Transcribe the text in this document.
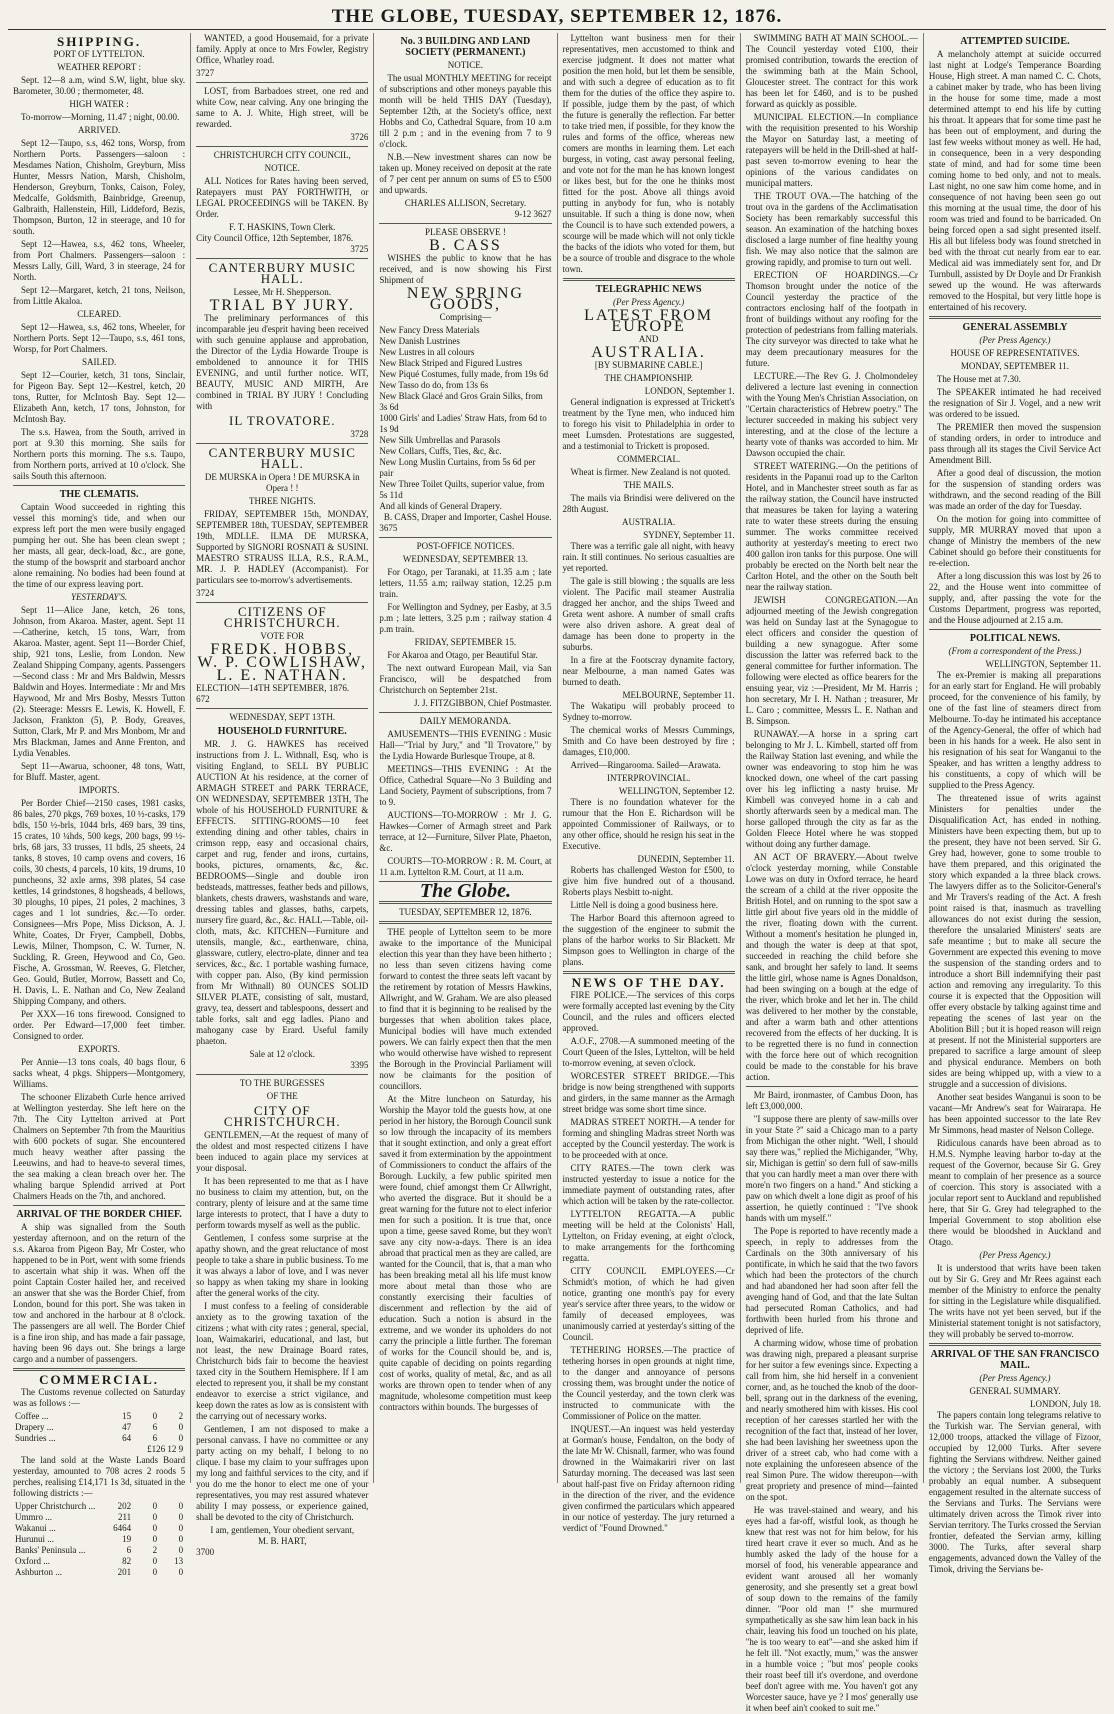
THE GLOBE, TUESDAY, SEPTEMBER 12, 1876.
SHIPPING.
PORT OF LYTTELTON.
WEATHER REPORT :

Sept. 12—8 a.m, wind S.W, light, blue sky. Barometer, 30.00 ; thermometer, 48.

HIGH WATER :

To-morrow—Morning, 11.47 ; night, 00.00.

ARRIVED.

Sept 12—Taupo, s.s, 462 tons, Worsp, from Northern Ports. Passengers—saloon : Mesdames Nation, Chisholm, Greyburn, Miss Hunter, Messrs Nation, Marsh, Chisholm, Henderson, Greyburn, Tonks, Caison, Foley, Medcalfe, Goldsmith, Bainbridge, Greenup, Galbraith, Hallenstein, Hill, Liddeford, Bezis, Thompson, Burton, 12 in steerage, and 10 for south.

Sept 12—Hawea, s.s, 462 tons, Wheeler, from Port Chalmers. Passengers—saloon : Messrs Lally, Gill, Ward, 3 in steerage, 24 for North.

Sept 12—Margaret, ketch, 21 tons, Neilson, from Little Akaloa.

CLEARED.

Sept 12—Hawea, s.s, 462 tons, Wheeler, for Northern Ports. Sept 12—Taupo, s.s, 461 tons, Worsp, for Port Chalmers.

SAILED.

Sept 12—Courier, ketch, 31 tons, Sinclair, for Pigeon Bay. Sept 12—Kestrel, ketch, 20 tons, Rutter, for McIntosh Bay. Sept 12—Elizabeth Ann, ketch, 17 tons, Johnston, for McIntosh Bay.

The s.s. Hawea, from the South, arrived in port at 9.30 this morning. She sails for Northern ports this morning. The s.s. Taupo, from Northern ports, arrived at 10 o'clock. She sails South this afternoon.

THE CLEMATIS.

Captain Wood succeeded in righting this vessel this morning's tide, and when our express left port the men were busily engaged pumping her out. She has been clean swept ; her masts, all gear, deck-load, &c., are gone, the stump of the bowsprit and starboard anchor alone remaining. No bodies had been found at the time of our express leaving port.

YESTERDAY'S.

Sept 11—Alice Jane, ketch, 26 tons, Johnson, from Akaroa. Master, agent. Sept 11—Catherine, ketch, 15 tons, Warr, from Akaroa. Master, agent. Sept 11—Border Chief, ship, 921 tons, Leslie, from London. New Zealand Shipping Company, agents. Passengers—Second class : Mr and Mrs Baldwin, Messrs Baldwin and Hoyes. Intermediate : Mr and Mrs Haywood, Mr and Mrs Bosby, Messrs Tutton (2). Steerage: Messrs E. Lewis, K. Howell, F. Jackson, Frankton (5), P. Body, Greaves, Sutton, Clark, Mr P. and Mrs Monbom, Mr and Mrs Blackman, James and Anne Frenton, and Lydia Venables.

Sept 11—Awarua, schooner, 48 tons, Watt, for Bluff. Master, agent.

IMPORTS.

Per Border Chief—2150 cases, 1981 casks, 86 bales, 270 pkgs, 769 boxes, 10 ½-casks, 179 bdls, 150 ½-brls, 1044 brls, 469 bars, 39 tins, 15 crates, 10 ¼hds, 500 kegs, 200 bags, 99 ½-brls, 68 jars, 33 trusses, 11 bdls, 25 sheets, 24 tanks, 8 stoves, 10 camp ovens and covers, 16 coils, 30 chests, 4 parcels, 10 kits, 19 drums, 10 puncheons, 32 axle arms, 398 plates, 54 case kettles, 14 grindstones, 8 hogsheads, 4 bellows, 30 ploughs, 10 pipes, 21 poles, 2 machines, 3 cages and 1 lot sundries, &c.—To order. Consignees—Mrs Pope, Miss Dickson, A. J. White, Coates, Dr Fryer, Campbell, Dobbs, Lewis, Milner, Thompson, C. W. Turner, N. Suckling, R. Green, Heywood and Co, Geo. Fische, A. Grossman, W. Reeves, G. Fletcher, Geo. Gould, Butler, Morrow, Bassett and Co, H. Davis, L. E. Nathan and Co, New Zealand Shipping Company, and others.

Per XXX—16 tons firewood. Consigned to order. Per Edward—17,000 feet timber. Consigned to order.

EXPORTS.

Per Annie—13 tons coals, 40 bags flour, 6 sacks wheat, 4 pkgs. Shippers—Montgomery, Williams.

The schooner Elizabeth Curle hence arrived at Wellington yesterday. She left here on the 7th. The City Lyttelton arrived at Port Chalmers on September 7th from the Mauritius with 600 pockets of sugar. She encountered much heavy weather after passing the Leeuwins, and had to heave-to several times, the sea making a clean breach over her. The whaling barque Splendid arrived at Port Chalmers Heads on the 7th, and anchored.

ARRIVAL OF THE BORDER CHIEF.

A ship was signalled from the South yesterday afternoon, and on the return of the s.s. Akaroa from Pigeon Bay, Mr Coster, who happened to be in Port, went with some friends to ascertain what ship it was. When off the point Captain Coster hailed her, and received an answer that she was the Border Chief, from London, bound for this port. She was taken in tow and anchored in the harbour at 8 o'clock. The passengers are all well. The Border Chief is a fine iron ship, and has made a fair passage, having been 96 days out. She brings a large cargo and a number of passengers.

COMMERCIAL.

The Customs revenue collected on Saturday was as follows :—

Coffee ...	15	0	2
Drapery ...	47	6	0
Sundries ...	64	6	0
	£126 12 9		

The land sold at the Waste Lands Board yesterday, amounted to 708 acres 2 roods 5 perches, realising £14,171 1s 3d, situated in the following districts :—

Upper Christchurch ...	202	0	0
Ummro ...	211	0	0
Wakanui ...	6464	0	0
Hurunui ...	19	0	0
Banks' Peninsula ...	6	2	0
Oxford ...	82	0	13
Ashburton ...	201	0	0

WANTED, a good Housemaid, for a private family. Apply at once to Mrs Fowler, Registry Office, Whatley road.

3727

LOST, from Barbadoes street, one red and white Cow, near calving. Any one bringing the same to A. J. White, High street, will be rewarded.

3726
CHRISTCHURCH CITY COUNCIL,
NOTICE.

ALL Notices for Rates having been served, Ratepayers must PAY FORTHWITH, or LEGAL PROCEEDINGS will be TAKEN. By Order.

F. T. HASKINS, Town Clerk.
City Council Office, 12th September, 1876.
3725
CANTERBURY MUSIC HALL.
Lessee, Mr H. Shepperson.
TRIAL BY JURY.

The preliminary performances of this incomparable jeu d'esprit having been received with such genuine applause and approbation, the Director of the Lydia Howarde Troupe is emboldened to announce it for THIS EVENING, and until further notice. WIT, BEAUTY, MUSIC AND MIRTH, Are combined in TRIAL BY JURY ! Concluding with

IL TROVATORE.
3728
CANTERBURY MUSIC HALL.
DE MURSKA in Opera ! DE MURSKA in Opera ! !
THREE NIGHTS.

FRIDAY, SEPTEMBER 15th, MONDAY, SEPTEMBER 18th, TUESDAY, SEPTEMBER 19th, MDLLE. ILMA DE MURSKA, Supported by SIGNORI ROSNATI & SUSINI. MAESTRO STRAUSS ILLA, R.S., R.A.M., MR. J. P. HADLEY (Accompanist). For particulars see to-morrow's advertisements.

3724
CITIZENS OF CHRISTCHURCH.
VOTE FOR
FREDK. HOBBS,
W. P. COWLISHAW,
L. E. NATHAN.
ELECTION—14TH SEPTEMBER, 1876.
672
WEDNESDAY, SEPT 13TH.
HOUSEHOLD FURNITURE.

MR. J. G. HAWKES has received instructions from J. L. Withnall, Esq, who is visiting England, to SELL BY PUBLIC AUCTION At his residence, at the corner of ARMAGH STREET and PARK TERRACE, ON WEDNESDAY, SEPTEMBER 13TH, The whole of his HOUSEHOLD FURNITURE & EFFECTS. SITTING-ROOMS—10 feet extending dining and other tables, chairs in crimson repp, easy and occasional chairs, carpet and rug, fender and irons, curtains, books, pictures, ornaments, &c, &c. BEDROOMS—Single and double iron bedsteads, mattresses, feather beds and pillows, blankets, chests drawers, washstands and ware, dressing tables and glasses, baths, carpets, nursery fire guard, &c., &c. HALL—Table, oil-cloth, mats, &c. KITCHEN—Furniture and utensils, mangle, &c., earthenware, china, glassware, cutlery, electro-plate, dinner and tea services, &c., &c. 1 portable washing furnace, with copper pan. Also, (By kind permission from Mr Withnall) 80 OUNCES SOLID SILVER PLATE, consisting of salt, mustard, gravy, tea, dessert and tablespoons, dessert and table forks, salt and egg ladles. Piano and mahogany case by Erard. Useful family phaeton.

Sale at 12 o'clock.
3395
TO THE BURGESSES
OF THE
CITY OF CHRISTCHURCH.

GENTLEMEN,—At the request of many of the oldest and most respected citizens I have been induced to again place my services at your disposal.

It has been represented to me that as I have no business to claim my attention, but, on the contrary, plenty of leisure and at the same time large interests to protect, that I have a duty to perform towards myself as well as the public.

Gentlemen, I confess some surprise at the apathy shown, and the great reluctance of most people to take a share in public business. To me it was always a labor of love, and I was never so happy as when taking my share in looking after the general works of the city.

I must confess to a feeling of considerable anxiety as to the growing taxation of the citizens ; what with city rates ; general, special, loan, Waimakariri, educational, and last, but not least, the new Drainage Board rates, Christchurch bids fair to become the heaviest taxed city in the Southern Hemisphere. If I am elected to represent you, it shall be my constant endeavor to exercise a strict vigilance, and keep down the rates as low as is consistent with the carrying out of necessary works.

Gentlemen, I am not disposed to make a personal canvass. I have no committee or any party acting on my behalf, I belong to no clique. I base my claim to your suffrages upon my long and faithful services to the city, and if you do me the honor to elect me one of your representatives, you may rest assured whatever ability I may possess, or experience gained, shall be devoted to the city of Christchurch.

I am, gentlemen, Your obedient servant,
M. B. HART,
3700
No. 3 BUILDING AND LAND SOCIETY (PERMANENT.)
NOTICE.

The usual MONTHLY MEETING for receipt of subscriptions and other moneys payable this month will be held THIS DAY (Tuesday), September 12th, at the Society's office, next Hobbs and Co, Cathedral Square, from 10 a.m till 2 p.m ; and in the evening from 7 to 9 o'clock.

N.B.—New investment shares can now be taken up. Money received on deposit at the rate of 7 per cent per annum on sums of £5 to £500 and upwards.

CHARLES ALLISON, Secretary.
9-12 3627
PLEASE OBSERVE !
B. CASS

WISHES the public to know that he has received, and is now showing his First Shipment of

NEW SPRING GOODS,
Comprising—
New Fancy Dress Materials
New Danish Lustrines
New Lustres in all colours
New Black Striped and Figured Lustres
New Piqué Costumes, fully made, from 19s 6d
New Tasso do do, from 13s 6s
New Black Glacé and Gros Grain Silks, from 3s 6d
1000 Girls' and Ladies' Straw Hats, from 6d to 1s 9d
New Silk Umbrellas and Parasols
New Collars, Cuffs, Ties, &c, &c.
New Long Muslin Curtains, from 5s 6d per pair
New Three Toilet Quilts, superior value, from 5s 11d
And all kinds of General Drapery.
B. CASS, Draper and Importer, Cashel House.
3675
POST-OFFICE NOTICES.
WEDNESDAY, SEPTEMBER 13.

For Otago, per Taranaki, at 11.35 a.m ; late letters, 11.55 a.m; railway station, 12.25 p.m train.

For Wellington and Sydney, per Easby, at 3.5 p.m ; late letters, 3.25 p.m ; railway station 4 p.m train.

FRIDAY, SEPTEMBER 15.

For Akaroa and Otago, per Beautiful Star.

The next outward European Mail, via San Francisco, will be despatched from Christchurch on September 21st.

J. J. FITZGIBBON, Chief Postmaster.
DAILY MEMORANDA.

AMUSEMENTS—THIS EVENING : Music Hall—"Trial by Jury," and "Il Trovatore," by the Lydia Howarde Burlesque Troupe, at 8.

MEETINGS—THIS EVENING : At the Office, Cathedral Square—No 3 Building and Land Society, Payment of subscriptions, from 7 to 9.

AUCTIONS—TO-MORROW : Mr J. G. Hawkes—Corner of Armagh street and Park terrace, at 12—Furniture, Silver Plate, Phaeton, &c.

COURTS—TO-MORROW : R. M. Court, at 11 a.m. Lyttelton R.M. Court, at 11 a.m.

The Globe.
TUESDAY, SEPTEMBER 12, 1876.

THE people of Lyttelton seem to be more awake to the importance of the Municipal election this year than they have been hitherto ; no less than seven citizens having come forward to contest the three seats left vacant by the retirement by rotation of Messrs Hawkins, Allwright, and W. Graham. We are also pleased to find that it is beginning to be realised by the burgesses that when abolition takes place, Municipal bodies will have much extended powers. We can fairly expect then that the men who would otherwise have wished to represent the Borough in the Provincial Parliament will now be claimants for the position of councillors.

At the Mitre luncheon on Saturday, his Worship the Mayor told the guests how, at one period in her history, the Borough Council sunk so low through the incapacity of its members that it sought extinction, and only a great effort saved it from extermination by the appointment of Commissioners to conduct the affairs of the Borough. Luckily, a few public spirited men were found, chief amongst them Cr Allwright, who averted the disgrace. But it should be a great warning for the future not to elect inferior men for such a position. It is true that, once upon a time, geese saved Rome, but they won't save any city now-a-days. There is an idea abroad that practical men as they are called, are wanted for the Council, that is, that a man who has been breaking metal all his life must know more about metal than those who are constantly exercising their faculties of discernment and reflection by the aid of education. Such a notion is absurd in the extreme, and we wonder its upholders do not carry the principle a little further. The foreman of works for the Council should be, and is, quite capable of deciding on points regarding cost of works, quality of metal, &c, and as all works are thrown open to tender when of any magnitude, wholesome competition must keep contractors within bounds. The burgesses of

Lyttelton want business men for their representatives, men accustomed to think and exercise judgment. It does not matter what position the men hold, but let them be sensible, and with such a degree of education as to fit them for the duties of the office they aspire to. If possible, judge them by the past, of which the future is generally the reflection. Far better to take tried men, if possible, for they know the rules and forms of the office, whereas new comers are months in learning them. Let each burgess, in voting, cast away personal feeling, and vote not for the man he has known longest or likes best, but for the one he thinks most fitted for the post. Above all things avoid putting in anybody for fun, who is notably unsuitable. If such a thing is done now, when the Council is to have such extended powers, a scourge will be made which will not only tickle the backs of the idiots who voted for them, but be a source of trouble and disgrace to the whole town.

TELEGRAPHIC NEWS
(Per Press Agency.)
LATEST FROM EUROPE
AND
AUSTRALIA.
[BY SUBMARINE CABLE.]
THE CHAMPIONSHIP.
LONDON, September 1.

General indignation is expressed at Trickett's treatment by the Tyne men, who induced him to forego his visit to Philadelphia in order to meet Lumsden. Protestations are suggested, and a testimonial to Trickett is proposed.

COMMERCIAL.

Wheat is firmer. New Zealand is not quoted.

THE MAILS.

The mails via Brindisi were delivered on the 28th August.

AUSTRALIA.
SYDNEY, September 11.

There was a terrific gale all night, with heavy rain. It still continues. No serious casualties are yet reported.

The gale is still blowing ; the squalls are less violent. The Pacific mail steamer Australia dragged her anchor, and the ships Tweed and Greta went ashore. A number of small crafts were also driven ashore. A great deal of damage has been done to property in the suburbs.

In a fire at the Footscray dynamite factory, near Melbourne, a man named Gates was burned to death.

MELBOURNE, September 11.

The Wakatipu will probably proceed to Sydney to-morrow.

The chemical works of Messrs Cummings, Smith and Co have been destroyed by fire ; damages, £10,000.

Arrived—Ringarooma. Sailed—Arawata.

INTERPROVINCIAL.
WELLINGTON, September 12.

There is no foundation whatever for the rumour that the Hon E. Richardson will be appointed Commissioner of Railways, or to any other office, should he resign his seat in the Executive.

DUNEDIN, September 11.

Roberts has challenged Weston for £500, to give him five hundred out of a thousand. Roberts plays Nesbitt to-night.

Little Nell is doing a good business here.

The Harbor Board this afternoon agreed to the suggestion of the engineer to submit the plans of the harbor works to Sir Blackett. Mr Simpson goes to Wellington in charge of the plans.

NEWS OF THE DAY.

FIRE POLICE.—The services of this corps were formally accepted last evening by the City Council, and the rules and officers elected approved.

A.O.F., 2708.—A summoned meeting of the Court Queen of the Isles, Lyttelton, will be held to-morrow evening, at seven o'clock.

WORCESTER STREET BRIDGE.—This bridge is now being strengthened with supports and girders, in the same manner as the Armagh street bridge was some short time since.

MADRAS STREET NORTH.—A tender for forming and shingling Madras street North was accepted by the Council yesterday. The work is to be proceeded with at once.

CITY RATES.—The town clerk was instructed yesterday to issue a notice for the immediate payment of outstanding rates, after which action will be taken by the rate-collector.

LYTTELTON REGATTA.—A public meeting will be held at the Colonists' Hall, Lyttelton, on Friday evening, at eight o'clock, to make arrangements for the forthcoming regatta.

CITY COUNCIL EMPLOYEES.—Cr Schmidt's motion, of which he had given notice, granting one month's pay for every year's service after three years, to the widow or family of deceased employees, was unanimously carried at yesterday's sitting of the Council.

TETHERING HORSES.—The practice of tethering horses in open grounds at night time, to the danger and annoyance of persons crossing them, was brought under the notice of the Council yesterday, and the town clerk was instructed to communicate with the Commissioner of Police on the matter.

INQUEST.—An inquest was held yesterday at Gorman's house, Fendalton, on the body of the late Mr W. Chisnall, farmer, who was found drowned in the Waimakariri river on last Saturday morning. The deceased was last seen about half-past five on Friday afternoon riding in the direction of the river, and the evidence given confirmed the particulars which appeared in our notice of yesterday. The jury returned a verdict of "Found Drowned."

SWIMMING BATH AT MAIN SCHOOL.—The Council yesterday voted £100, their promised contribution, towards the erection of the swimming bath at the Main School, Gloucester street. The contract for this work has been let for £460, and is to be pushed forward as quickly as possible.

MUNICIPAL ELECTION.—In compliance with the requisition presented to his Worship the Mayor on Saturday last, a meeting of ratepayers will be held in the Drill-shed at half-past seven to-morrow evening to hear the opinions of the various candidates on municipal matters.

THE TROUT OVA.—The hatching of the trout ova in the gardens of the Acclimatisation Society has been remarkably successful this season. An examination of the hatching boxes disclosed a large number of fine healthy young fish. We may also notice that the salmon are growing rapidly, and promise to turn out well.

ERECTION OF HOARDINGS.—Cr Thomson brought under the notice of the Council yesterday the practice of the contractors enclosing half of the footpath in front of buildings without any roofing for the protection of pedestrians from falling materials. The city surveyor was directed to take what he may deem precautionary measures for the future.

LECTURE.—The Rev G. J. Cholmondeley delivered a lecture last evening in connection with the Young Men's Christian Association, on "Certain characteristics of Hebrew poetry." The lecturer succeeded in making his subject very interesting, and at the close of the lecture a hearty vote of thanks was accorded to him. Mr Dawson occupied the chair.

STREET WATERING.—On the petitions of residents in the Papanui road up to the Carlton Hotel, and in Manchester street south as far as the railway station, the Council have instructed that measures be taken for laying a watering rate to water these streets during the ensuing summer. The works committee received authority at yesterday's meeting to erect two 400 gallon iron tanks for this purpose. One will probably be erected on the North belt near the Carlton Hotel, and the other on the South belt near the railway station.

JEWISH CONGREGATION.—An adjourned meeting of the Jewish congregation was held on Sunday last at the Synagogue to elect officers and consider the question of building a new synagogue. After some discussion the latter was referred back to the general committee for further information. The following were elected as office bearers for the ensuing year, viz :—President, Mr M. Harris ; hon secretary, Mr I. H. Nathan ; treasurer, Mr L. Caro ; committee, Messrs L. E. Nathan and B. Simpson.

RUNAWAY.—A horse in a spring cart belonging to Mr J. L. Kimbell, started off from the Railway Station last evening, and while the owner was endeavoring to stop him he was knocked down, one wheel of the cart passing over his leg inflicting a nasty bruise. Mr Kimbell was conveyed home in a cab and shortly afterwards seen by a medical man. The horse galloped through the city as far as the Golden Fleece Hotel where he was stopped without doing any further damage.

AN ACT OF BRAVERY.—About twelve o'clock yesterday morning, while Constable Lowe was on duty in Oxford terrace, he heard the scream of a child at the river opposite the British Hotel, and on running to the spot saw a little girl about five years old in the middle of the river, floating down with the current. Without a moment's hesitation he plunged in, and though the water is deep at that spot, succeeded in reaching the child before she sank, and brought her safely to land. It seems the little girl, whose name is Agnes Donaldson, had been swinging on a bough at the edge of the river, which broke and let her in. The child was delivered to her mother by the constable, and after a warm bath and other attentions recovered from the effects of her ducking. It is to be regretted there is no fund in connection with the force here out of which recognition could be made to the constable for his brave action.

Mr Baird, ironmaster, of Cambus Doon, has left £3,000,000.

"I suppose there are plenty of saw-mills over in your State ?" said a Chicago man to a party from Michigan the other night. "Well, I should say there was," replied the Michigander, "Why, sir, Michigan is gettin' so dern full of saw-mills that you can hardly meet a man over there with more'n two fingers on a hand." And sticking a paw on which dwelt a lone digit as proof of his assertion, he quietly continued : "I've shook hands with um myself."

The Pope is reported to have recently made a speech, in reply to addresses from the Cardinals on the 30th anniversary of his pontificate, in which he said that the two favors which had been the protectors of the church and had abandoned her had soon after fell the avenging hand of God, and that the late Sultan had persecuted Roman Catholics, and had forthwith been hurled from his throne and deprived of life.

A charming widow, whose time of probation was drawing nigh, prepared a pleasant surprise for her suitor a few evenings since. Expecting a call from him, she hid herself in a convenient corner, and, as he touched the knob of the door-bell, sprang out in the darkness of the evening, and nearly smothered him with kisses. His cool reception of her caresses startled her with the recognition of the fact that, instead of her lover, she had been lavishing her sweetness upon the driver of a street cab, who had come with a note explaining the unforeseen absence of the real Simon Pure. The widow thereupon—with great propriety and presence of mind—fainted on the spot.

He was travel-stained and weary, and his eyes had a far-off, wistful look, as though he knew that rest was not for him below, for his tired heart crave it ever so much. And as he humbly asked the lady of the house for a morsel of food, his venerable appearance and evident want aroused all her womanly generosity, and she presently set a great bowl of soup down to the remains of the family dinner. "Poor old man !" she murmured sympathetically as she saw him lean back in his chair, leaving his food un touched on his plate, "he is too weary to eat"—and she asked him if he felt ill. "Not exactly, mum," was the answer in a humble voice ; "but mos' people cooks their roast beef till it's overdone, and overdone beef don't agree with me. You haven't got any Worcester sauce, have ye ? I mos' generally use it when beef ain't cooked to suit me."

ATTEMPTED SUICIDE.

A melancholy attempt at suicide occurred last night at Lodge's Temperance Boarding House, High street. A man named C. C. Chots, a cabinet maker by trade, who has been living in the house for some time, made a most determined attempt to end his life by cutting his throat. It appears that for some time past he has been out of employment, and during the last few weeks without money as well. He had, in consequence, been in a very desponding state of mind, and had for some time been coming home to bed only, and not to meals. Last night, no one saw him come home, and in consequence of not having been seen go out this morning at the usual time, the door of his room was tried and found to be barricaded. On being forced open a sad sight presented itself. His all but lifeless body was found stretched in bed with the throat cut nearly from ear to ear. Medical aid was immediately sent for, and Dr Turnbull, assisted by Dr Doyle and Dr Frankish sewed up the wound. He was afterwards removed to the Hospital, but very little hope is entertained of his recovery.

GENERAL ASSEMBLY
(Per Press Agency.)
HOUSE OF REPRESENTATIVES.
MONDAY, SEPTEMBER 11.

The House met at 7.30.

The SPEAKER intimated he had received the resignation of Sir J. Vogel, and a new writ was ordered to be issued.

The PREMIER then moved the suspension of standing orders, in order to introduce and pass through all its stages the Civil Service Act Amendment Bill.

After a good deal of discussion, the motion for the suspension of standing orders was withdrawn, and the second reading of the Bill was made an order of the day for Tuesday.

On the motion for going into committee of supply, MR MURRAY moved that upon a change of Ministry the members of the new Cabinet should go before their constituents for re-election.

After a long discussion this was lost by 26 to 22, and the House went into committee of supply, and, after passing the vote for the Customs Department, progress was reported, and the House adjourned at 2.15 a.m.

POLITICAL NEWS.
(From a correspondent of the Press.)
WELLINGTON, September 11.

The ex-Premier is making all preparations for an early start for England. He will probably proceed, for the convenience of his family, by one of the fast line of steamers direct from Melbourne. To-day he intimated his acceptance of the Agency-General, the offer of which had been in his hands for a week. He also sent in his resignation of his seat for Wanganui to the Speaker, and has written a lengthy address to his constituents, a copy of which will be supplied to the Press Agency.

The threatened issue of writs against Ministers for penalties under the Disqualification Act, has ended in nothing. Ministers have been expecting them, but up to the present, they have not been served. Sir G. Grey had, however, gone to some trouble to have them prepared, and this originated the story which expanded a la three black crows. The lawyers differ as to the Solicitor-General's and Mr Travers's reading of the Act. A fresh point raised is that, inasmuch as travelling allowances do not exist during the session, therefore the unsalaried Ministers' seats are safe meantime ; but to make all secure the Government are expected this evening to move the suspension of the standing orders and to introduce a short Bill indemnifying their past action and removing any irregularity. To this course it is expected that the Opposition will offer every obstacle by talking against time and repeating the scenes of last year on the Abolition Bill ; but it is hoped reason will reign at present. If not the Ministerial supporters are prepared to sacrifice a large amount of sleep and physical endurance. Members on both sides are being whipped up, with a view to a struggle and a succession of divisions.

Another seat besides Wanganui is soon to be vacant—Mr Andrew's seat for Wairarapa. He has been appointed successor to the late Rev Mr Simmons, head master of Nelson College.

Ridiculous canards have been abroad as to H.M.S. Nymphe leaving harbor to-day at the request of the Governor, because Sir G. Grey meant to complain of her presence as a source of coercion. This story is associated with a jocular report sent to Auckland and republished here, that Sir G. Grey had telegraphed to the Imperial Government to stop abolition else there would be bloodshed in Auckland and Otago.

(Per Press Agency.)

It is understood that writs have been taken out by Sir G. Grey and Mr Rees against each member of the Ministry to enforce the penalty for sitting in the Legislature while disqualified. The writs have not yet been served, but if the Ministerial statement tonight is not satisfactory, they will probably be served to-morrow.

ARRIVAL OF THE SAN FRANCISCO MAIL.
(Per Press Agency.)
GENERAL SUMMARY.
LONDON, July 18.

The papers contain long telegrams relative to the Turkish war. The Servian general, with 12,000 troops, attacked the village of Fizoor, occupied by 12,000 Turks. After severe fighting the Servians withdrew. Neither gained the victory ; the Servians lost 2000, the Turks probably an equal number. A subsequent engagement resulted in the alternate success of the Servians and Turks. The Servians were ultimately driven across the Timok river into Servian territory. The Turks crossed the Servian frontier, defeated the Servian army, killing 3000. The Turks, after several sharp engagements, advanced down the Valley of the Timok, driving the Servians be-
